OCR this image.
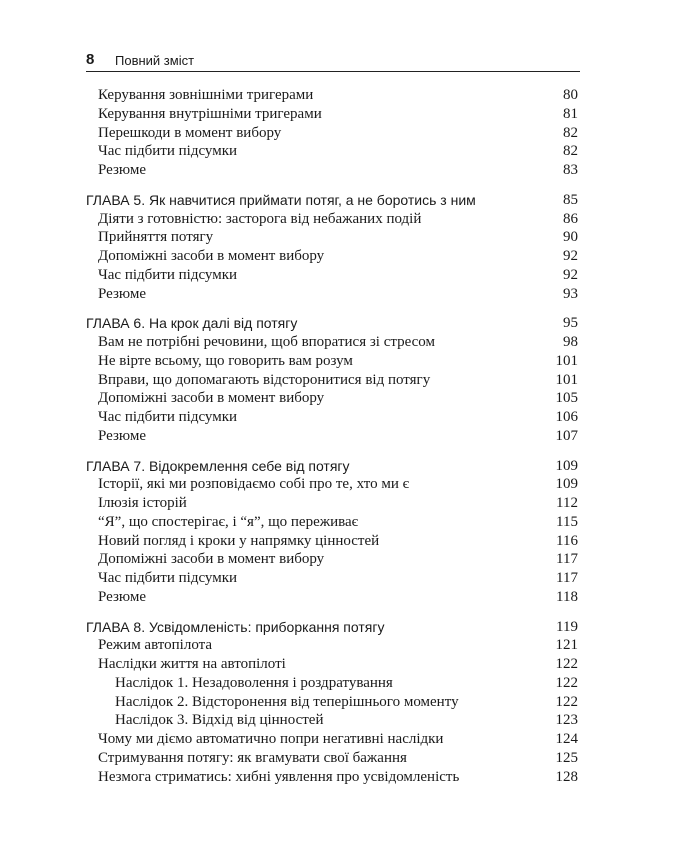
8 Повний зміст
Керування зовнішніми тригерами	80
Керування внутрішніми тригерами	81
Перешкоди в момент вибору	82
Час підбити підсумки	82
Резюме	83
ГЛАВА 5. Як навчитися приймати потяг, а не боротись з ним	85
Діяти з готовністю: засторога від небажаних подій	86
Прийняття потягу	90
Допоміжні засоби в момент вибору	92
Час підбити підсумки	92
Резюме	93
ГЛАВА 6. На крок далі від потягу	95
Вам не потрібні речовини, щоб впоратися зі стресом	98
Не вірте всьому, що говорить вам розум	101
Вправи, що допомагають відсторонитися від потягу	101
Допоміжні засоби в момент вибору	105
Час підбити підсумки	106
Резюме	107
ГЛАВА 7. Відокремлення себе від потягу	109
Історії, які ми розповідаємо собі про те, хто ми є	109
Ілюзія історій	112
“Я”, що спостерігає, і “я”, що переживає	115
Новий погляд і кроки у напрямку цінностей	116
Допоміжні засоби в момент вибору	117
Час підбити підсумки	117
Резюме	118
ГЛАВА 8. Усвідомленість: приборкання потягу	119
Режим автопілота	121
Наслідки життя на автопілоті	122
Наслідок 1. Незадоволення і роздратування	122
Наслідок 2. Відсторонення від теперішнього моменту	122
Наслідок 3. Відхід від цінностей	123
Чому ми діємо автоматично попри негативні наслідки	124
Стримування потягу: як вгамувати свої бажання	125
Незмога стриматись: хибні уявлення про усвідомленість	128
